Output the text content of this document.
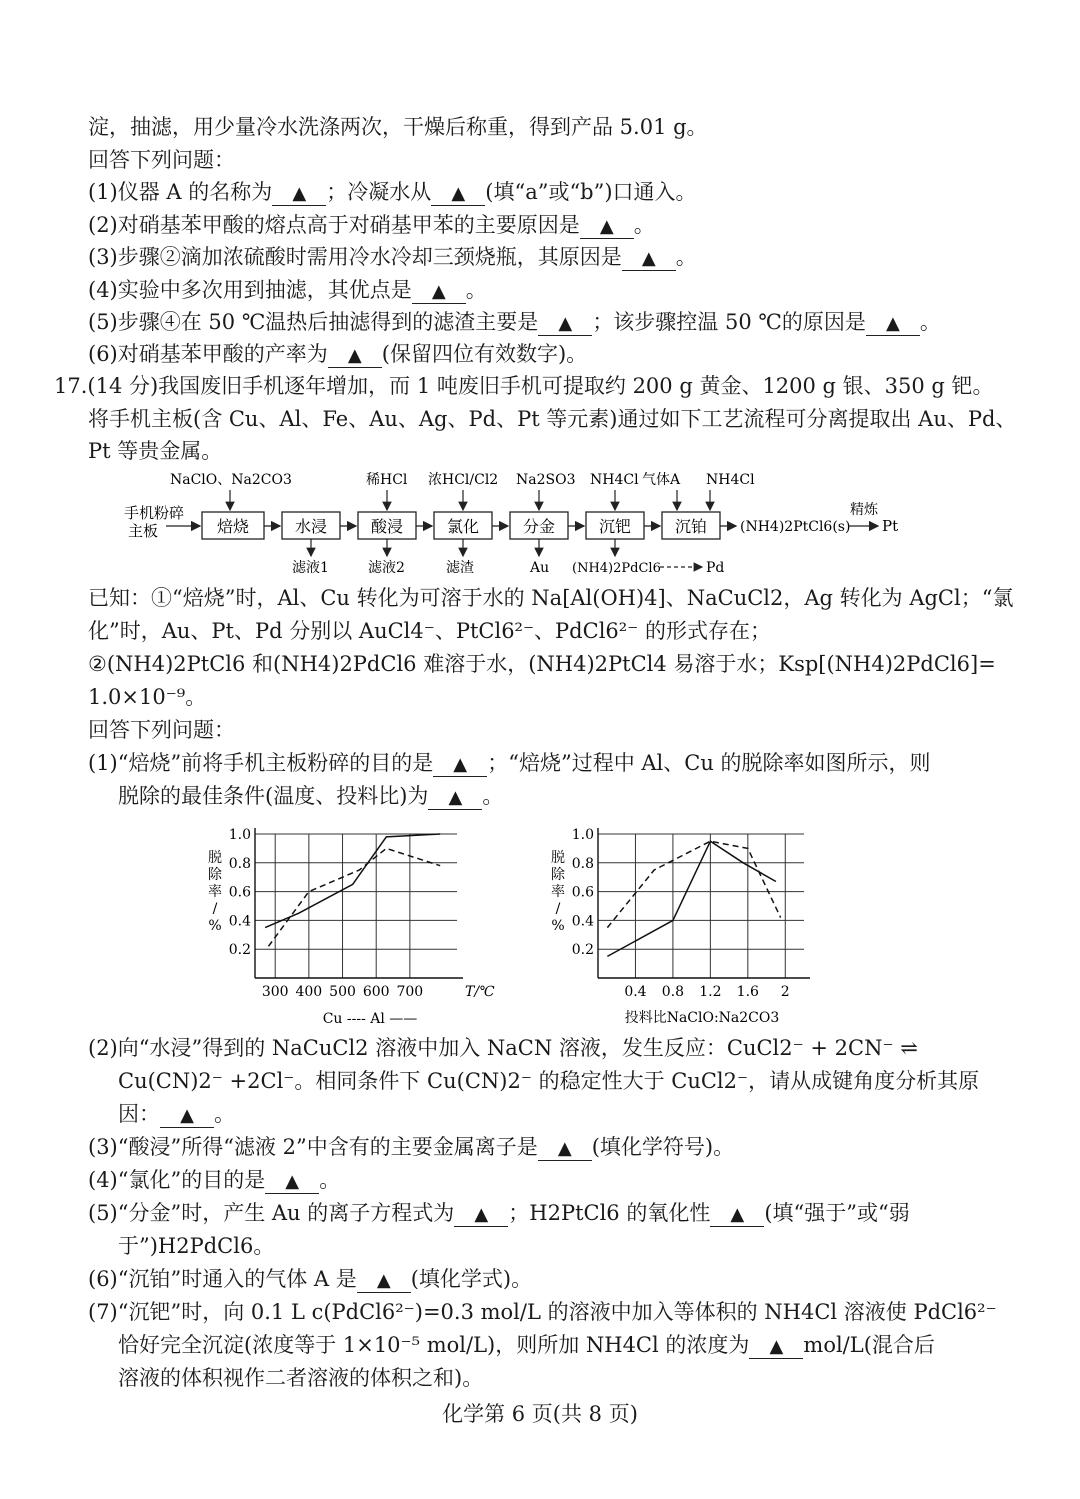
淀，抽滤，用少量冷水洗涤两次，干燥后称重，得到产品 5.01 g。
回答下列问题：
(1)仪器 A 的名称为 ▲ ；冷凝水从 ▲ (填“a”或“b”)口通入。
(2)对硝基苯甲酸的熔点高于对硝基甲苯的主要原因是 ▲ 。
(3)步骤②滴加浓硫酸时需用冷水冷却三颈烧瓶，其原因是 ▲ 。
(4)实验中多次用到抽滤，其优点是 ▲ 。
(5)步骤④在 50 ℃温热后抽滤得到的滤渣主要是 ▲ ；该步骤控温 50 ℃的原因是 ▲ 。
(6)对硝基苯甲酸的产率为 ▲ (保留四位有效数字)。
17.(14 分)我国废旧手机逐年增加，而 1 吨废旧手机可提取约 200 g 黄金、1200 g 银、350 g 钯。
将手机主板(含 Cu、Al、Fe、Au、Ag、Pd、Pt 等元素)通过如下工艺流程可分离提取出 Au、Pd、
Pt 等贵金属。
手机粉碎
主板	焙烧	水浸	酸浸	氯化	分金	沉钯	沉铂 (NH4)2PtCl6(s)
精炼
Pt
NaClO、Na2CO3	稀HCl 浓HCl/Cl2 Na2SO3 NH4Cl 气体A NH4Cl
滤液1	滤液2	滤渣	Au (NH4)2PdCl6	Pd
已知：①“焙烧”时，Al、Cu 转化为可溶于水的 Na[Al(OH)4]、NaCuCl2，Ag 转化为 AgCl；“氯
化”时，Au、Pt、Pd 分别以 AuCl4⁻、PtCl6²⁻、PdCl6²⁻ 的形式存在；
②(NH4)2PtCl6 和(NH4)2PdCl6 难溶于水，(NH4)2PtCl4 易溶于水；Ksp[(NH4)2PdCl6]=
1.0×10⁻⁹。
回答下列问题：
(1)“焙烧”前将手机主板粉碎的目的是 ▲ ；“焙烧”过程中 Al、Cu 的脱除率如图所示，则
脱除的最佳条件(温度、投料比)为 ▲ 。
300 400 500 600 700
0.2
0.4
0.6
0.8
1.0
脱
除
率
/
%
T/℃
Cu ---- Al ——
0.4 0.8 1.2 1.6 2
0.2
0.4
0.6
0.8
1.0
脱
除
率
/
%
投料比NaClO:Na2CO3
(2)向“水浸”得到的 NaCuCl2 溶液中加入 NaCN 溶液，发生反应：CuCl2⁻ + 2CN⁻ ⇌
Cu(CN)2⁻ +2Cl⁻。相同条件下 Cu(CN)2⁻ 的稳定性大于 CuCl2⁻，请从成键角度分析其原
因： ▲ 。
(3)“酸浸”所得“滤液 2”中含有的主要金属离子是 ▲ (填化学符号)。
(4)“氯化”的目的是 ▲ 。
(5)“分金”时，产生 Au 的离子方程式为 ▲ ；H2PtCl6 的氧化性 ▲ (填“强于”或“弱
于”)H2PdCl6。
(6)“沉铂”时通入的气体 A 是 ▲ (填化学式)。
(7)“沉钯”时，向 0.1 L c(PdCl6²⁻)=0.3 mol/L 的溶液中加入等体积的 NH4Cl 溶液使 PdCl6²⁻
恰好完全沉淀(浓度等于 1×10⁻⁵ mol/L)，则所加 NH4Cl 的浓度为 ▲ mol/L(混合后
溶液的体积视作二者溶液的体积之和)。
化学第 6 页(共 8 页)
